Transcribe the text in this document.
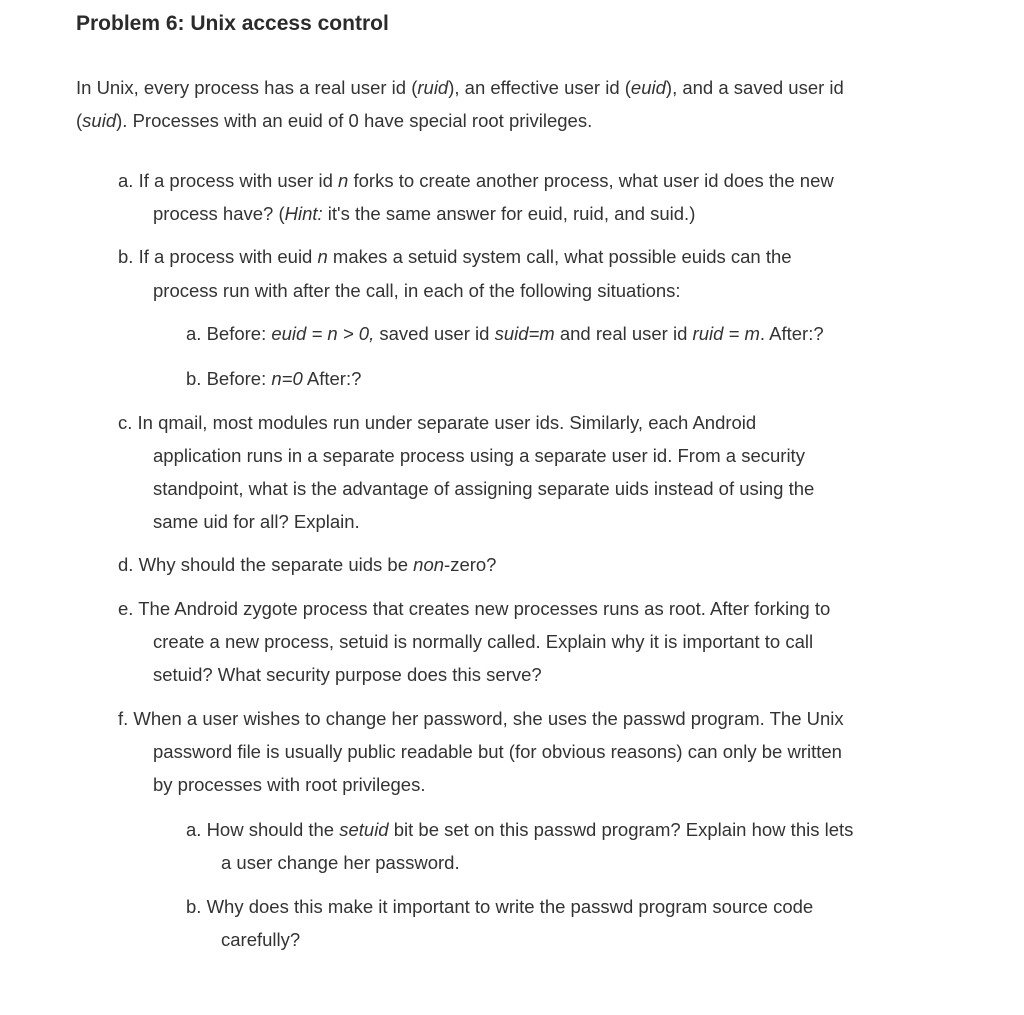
Problem 6: Unix access control

In Unix, every process has a real user id (ruid), an effective user id (euid), and a saved user id

(suid). Processes with an euid of 0 have special root privileges.

a. If a process with user id n forks to create another process, what user id does the new

process have? (Hint: it's the same answer for euid, ruid, and suid.)

b. If a process with euid n makes a setuid system call, what possible euids can the

process run with after the call, in each of the following situations:

a. Before: euid = n > 0, saved user id suid=m and real user id ruid = m. After:?

b. Before: n=0 After:?

c. In qmail, most modules run under separate user ids. Similarly, each Android

application runs in a separate process using a separate user id. From a security

standpoint, what is the advantage of assigning separate uids instead of using the

same uid for all? Explain.

d. Why should the separate uids be non-zero?

e. The Android zygote process that creates new processes runs as root. After forking to

create a new process, setuid is normally called. Explain why it is important to call

setuid? What security purpose does this serve?

f. When a user wishes to change her password, she uses the passwd program. The Unix

password file is usually public readable but (for obvious reasons) can only be written

by processes with root privileges.

a. How should the setuid bit be set on this passwd program? Explain how this lets

a user change her password.

b. Why does this make it important to write the passwd program source code

carefully?
